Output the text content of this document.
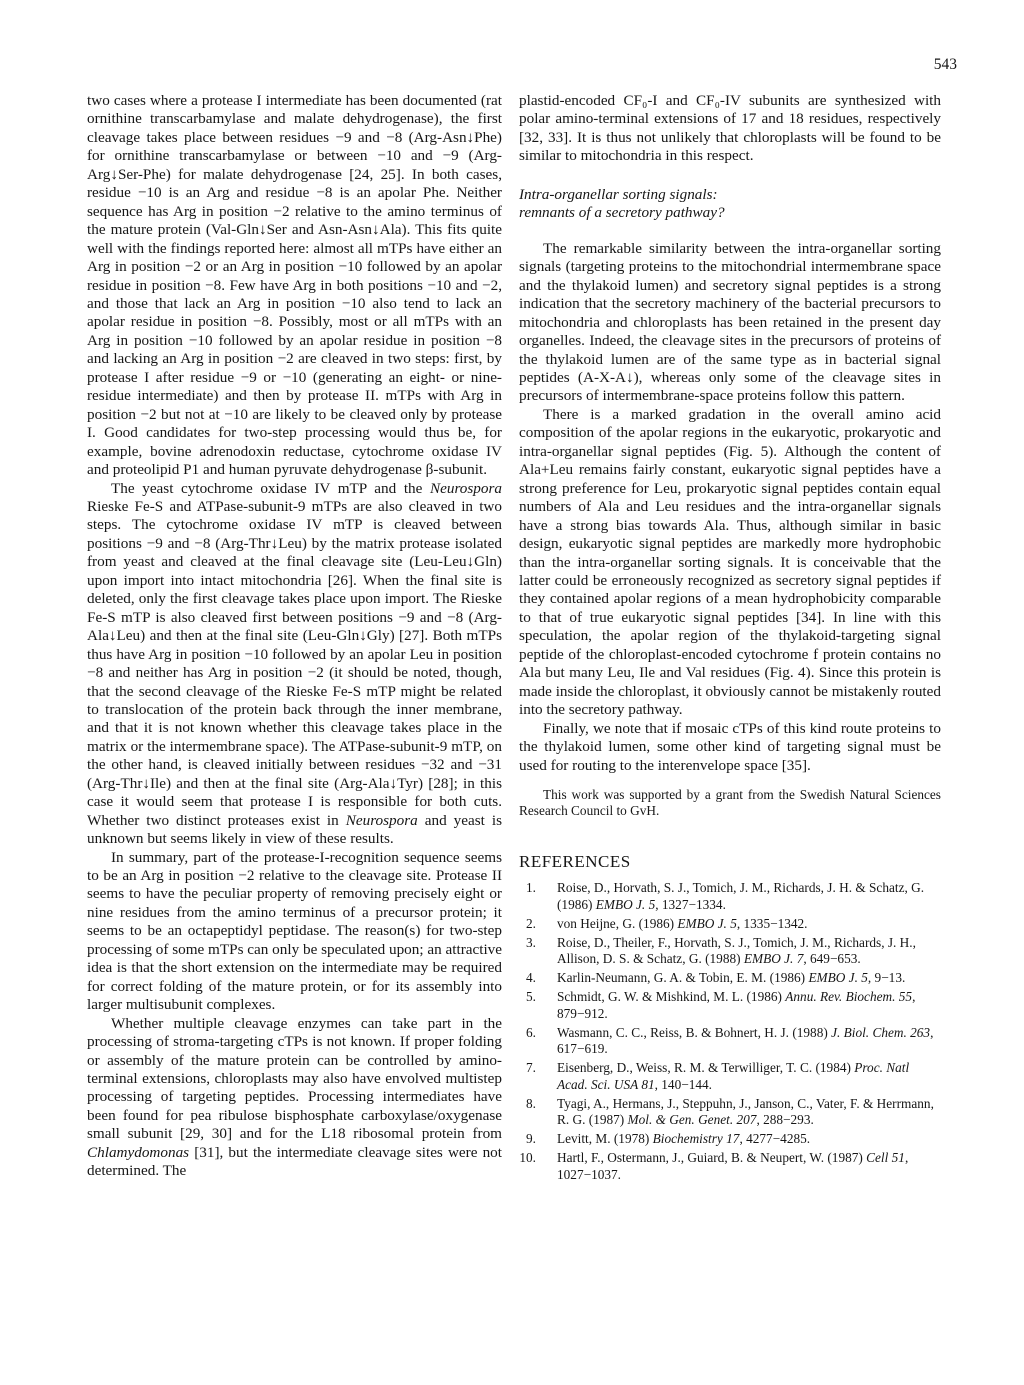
543

two cases where a protease I intermediate has been documented (rat ornithine transcarbamylase and malate dehydrogenase), the first cleavage takes place between residues −9 and −8 (Arg-Asn↓Phe) for ornithine transcarbamylase or between −10 and −9 (Arg-Arg↓Ser-Phe) for malate dehydrogenase [24, 25]. In both cases, residue −10 is an Arg and residue −8 is an apolar Phe. Neither sequence has Arg in position −2 relative to the amino terminus of the mature protein (Val-Gln↓Ser and Asn-Asn↓Ala). This fits quite well with the findings reported here: almost all mTPs have either an Arg in position −2 or an Arg in position −10 followed by an apolar residue in position −8. Few have Arg in both positions −10 and −2, and those that lack an Arg in position −10 also tend to lack an apolar residue in position −8. Possibly, most or all mTPs with an Arg in position −10 followed by an apolar residue in position −8 and lacking an Arg in position −2 are cleaved in two steps: first, by protease I after residue −9 or −10 (generating an eight- or nine-residue intermediate) and then by protease II. mTPs with Arg in position −2 but not at −10 are likely to be cleaved only by protease I. Good candidates for two-step processing would thus be, for example, bovine adrenodoxin reductase, cytochrome oxidase IV and proteolipid P1 and human pyruvate dehydrogenase β-subunit.

The yeast cytochrome oxidase IV mTP and the Neurospora Rieske Fe-S and ATPase-subunit-9 mTPs are also cleaved in two steps. The cytochrome oxidase IV mTP is cleaved between positions −9 and −8 (Arg-Thr↓Leu) by the matrix protease isolated from yeast and cleaved at the final cleavage site (Leu-Leu↓Gln) upon import into intact mitochondria [26]. When the final site is deleted, only the first cleavage takes place upon import. The Rieske Fe-S mTP is also cleaved first between positions −9 and −8 (Arg-Ala↓Leu) and then at the final site (Leu-Gln↓Gly) [27]. Both mTPs thus have Arg in position −10 followed by an apolar Leu in position −8 and neither has Arg in position −2 (it should be noted, though, that the second cleavage of the Rieske Fe-S mTP might be related to translocation of the protein back through the inner membrane, and that it is not known whether this cleavage takes place in the matrix or the intermembrane space). The ATPase-subunit-9 mTP, on the other hand, is cleaved initially between residues −32 and −31 (Arg-Thr↓Ile) and then at the final site (Arg-Ala↓Tyr) [28]; in this case it would seem that protease I is responsible for both cuts. Whether two distinct proteases exist in Neurospora and yeast is unknown but seems likely in view of these results.

In summary, part of the protease-I-recognition sequence seems to be an Arg in position −2 relative to the cleavage site. Protease II seems to have the peculiar property of removing precisely eight or nine residues from the amino terminus of a precursor protein; it seems to be an octapeptidyl peptidase. The reason(s) for two-step processing of some mTPs can only be speculated upon; an attractive idea is that the short extension on the intermediate may be required for correct folding of the mature protein, or for its assembly into larger multisubunit complexes.

Whether multiple cleavage enzymes can take part in the processing of stroma-targeting cTPs is not known. If proper folding or assembly of the mature protein can be controlled by amino-terminal extensions, chloroplasts may also have envolved multistep processing of targeting peptides. Processing intermediates have been found for pea ribulose bisphosphate carboxylase/oxygenase small subunit [29, 30] and for the L18 ribosomal protein from Chlamydomonas [31], but the intermediate cleavage sites were not determined. The

plastid-encoded CF₀-I and CF₀-IV subunits are synthesized with polar amino-terminal extensions of 17 and 18 residues, respectively [32, 33]. It is thus not unlikely that chloroplasts will be found to be similar to mitochondria in this respect.

Intra-organellar sorting signals:
remnants of a secretory pathway?

The remarkable similarity between the intra-organellar sorting signals (targeting proteins to the mitochondrial intermembrane space and the thylakoid lumen) and secretory signal peptides is a strong indication that the secretory machinery of the bacterial precursors to mitochondria and chloroplasts has been retained in the present day organelles. Indeed, the cleavage sites in the precursors of proteins of the thylakoid lumen are of the same type as in bacterial signal peptides (A-X-A↓), whereas only some of the cleavage sites in precursors of intermembrane-space proteins follow this pattern.

There is a marked gradation in the overall amino acid composition of the apolar regions in the eukaryotic, prokaryotic and intra-organellar signal peptides (Fig. 5). Although the content of Ala+Leu remains fairly constant, eukaryotic signal peptides have a strong preference for Leu, prokaryotic signal peptides contain equal numbers of Ala and Leu residues and the intra-organellar signals have a strong bias towards Ala. Thus, although similar in basic design, eukaryotic signal peptides are markedly more hydrophobic than the intra-organellar sorting signals. It is conceivable that the latter could be erroneously recognized as secretory signal peptides if they contained apolar regions of a mean hydrophobicity comparable to that of true eukaryotic signal peptides [34]. In line with this speculation, the apolar region of the thylakoid-targeting signal peptide of the chloroplast-encoded cytochrome f protein contains no Ala but many Leu, Ile and Val residues (Fig. 4). Since this protein is made inside the chloroplast, it obviously cannot be mistakenly routed into the secretory pathway.

Finally, we note that if mosaic cTPs of this kind route proteins to the thylakoid lumen, some other kind of targeting signal must be used for routing to the interenvelope space [35].

This work was supported by a grant from the Swedish Natural Sciences Research Council to GvH.

REFERENCES
1. Roise, D., Horvath, S. J., Tomich, J. M., Richards, J. H. & Schatz, G. (1986) EMBO J. 5, 1327−1334.
2. von Heijne, G. (1986) EMBO J. 5, 1335−1342.
3. Roise, D., Theiler, F., Horvath, S. J., Tomich, J. M., Richards, J. H., Allison, D. S. & Schatz, G. (1988) EMBO J. 7, 649−653.
4. Karlin-Neumann, G. A. & Tobin, E. M. (1986) EMBO J. 5, 9−13.
5. Schmidt, G. W. & Mishkind, M. L. (1986) Annu. Rev. Biochem. 55, 879−912.
6. Wasmann, C. C., Reiss, B. & Bohnert, H. J. (1988) J. Biol. Chem. 263, 617−619.
7. Eisenberg, D., Weiss, R. M. & Terwilliger, T. C. (1984) Proc. Natl Acad. Sci. USA 81, 140−144.
8. Tyagi, A., Hermans, J., Steppuhn, J., Janson, C., Vater, F. & Herrmann, R. G. (1987) Mol. & Gen. Genet. 207, 288−293.
9. Levitt, M. (1978) Biochemistry 17, 4277−4285.
10. Hartl, F., Ostermann, J., Guiard, B. & Neupert, W. (1987) Cell 51, 1027−1037.
